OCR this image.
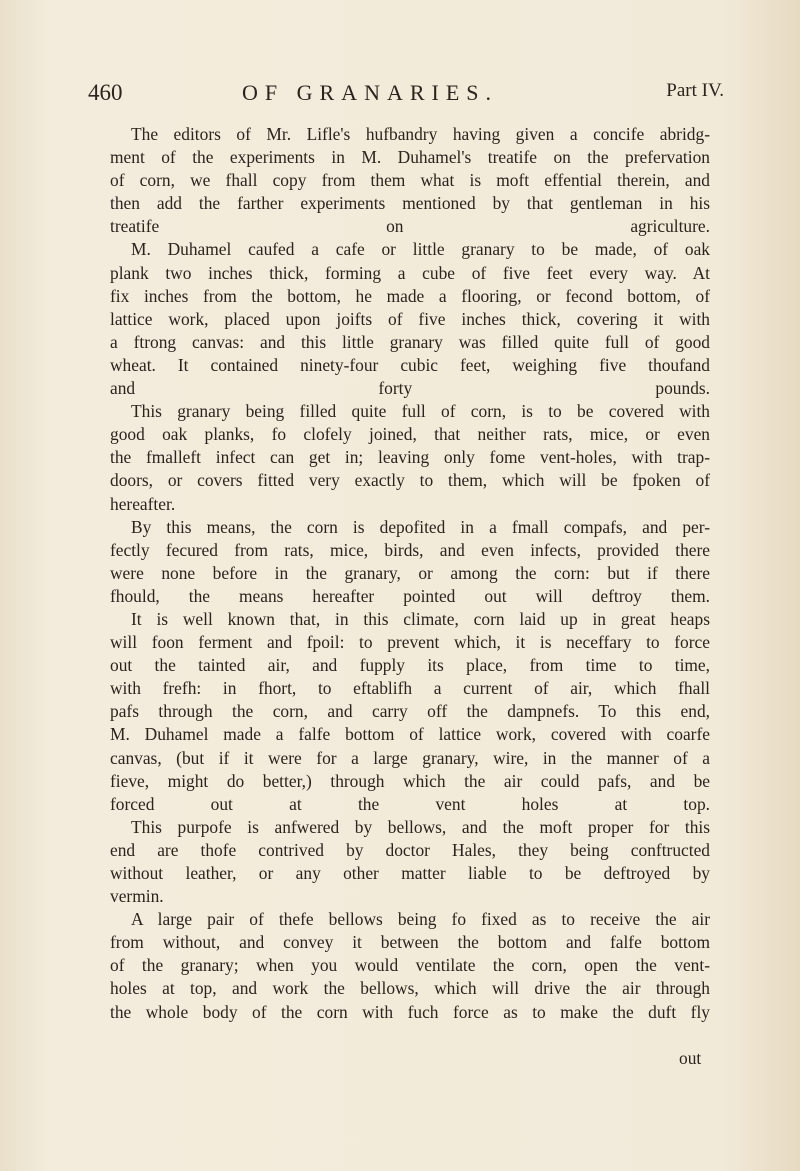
460	OF GRANARIES.	Part IV.

The editors of Mr. Lifle's hufbandry having given a concife abridg-
ment of the experiments in M. Duhamel's treatife on the prefervation
of corn, we fhall copy from them what is moft effential therein, and
then add the farther experiments mentioned by that gentleman in his
treatife on agriculture.

M. Duhamel caufed a cafe or little granary to be made, of oak
plank two inches thick, forming a cube of five feet every way. At
fix inches from the bottom, he made a flooring, or fecond bottom, of
lattice work, placed upon joifts of five inches thick, covering it with
a ftrong canvas: and this little granary was filled quite full of good
wheat. It contained ninety-four cubic feet, weighing five thoufand
and forty pounds.

This granary being filled quite full of corn, is to be covered with
good oak planks, fo clofely joined, that neither rats, mice, or even
the fmalleft infect can get in; leaving only fome vent-holes, with trap-
doors, or covers fitted very exactly to them, which will be fpoken of
hereafter.

By this means, the corn is depofited in a fmall compafs, and per-
fectly fecured from rats, mice, birds, and even infects, provided there
were none before in the granary, or among the corn: but if there
fhould, the means hereafter pointed out will deftroy them.

It is well known that, in this climate, corn laid up in great heaps
will foon ferment and fpoil: to prevent which, it is neceffary to force
out the tainted air, and fupply its place, from time to time,
with frefh: in fhort, to eftablifh a current of air, which fhall
pafs through the corn, and carry off the dampnefs. To this end,
M. Duhamel made a falfe bottom of lattice work, covered with coarfe
canvas, (but if it were for a large granary, wire, in the manner of a
fieve, might do better,) through which the air could pafs, and be
forced out at the vent holes at top.

This purpofe is anfwered by bellows, and the moft proper for this
end are thofe contrived by doctor Hales, they being conftructed
without leather, or any other matter liable to be deftroyed by
vermin.

A large pair of thefe bellows being fo fixed as to receive the air
from without, and convey it between the bottom and falfe bottom
of the granary; when you would ventilate the corn, open the vent-
holes at top, and work the bellows, which will drive the air through
the whole body of the corn with fuch force as to make the duft fly

out
